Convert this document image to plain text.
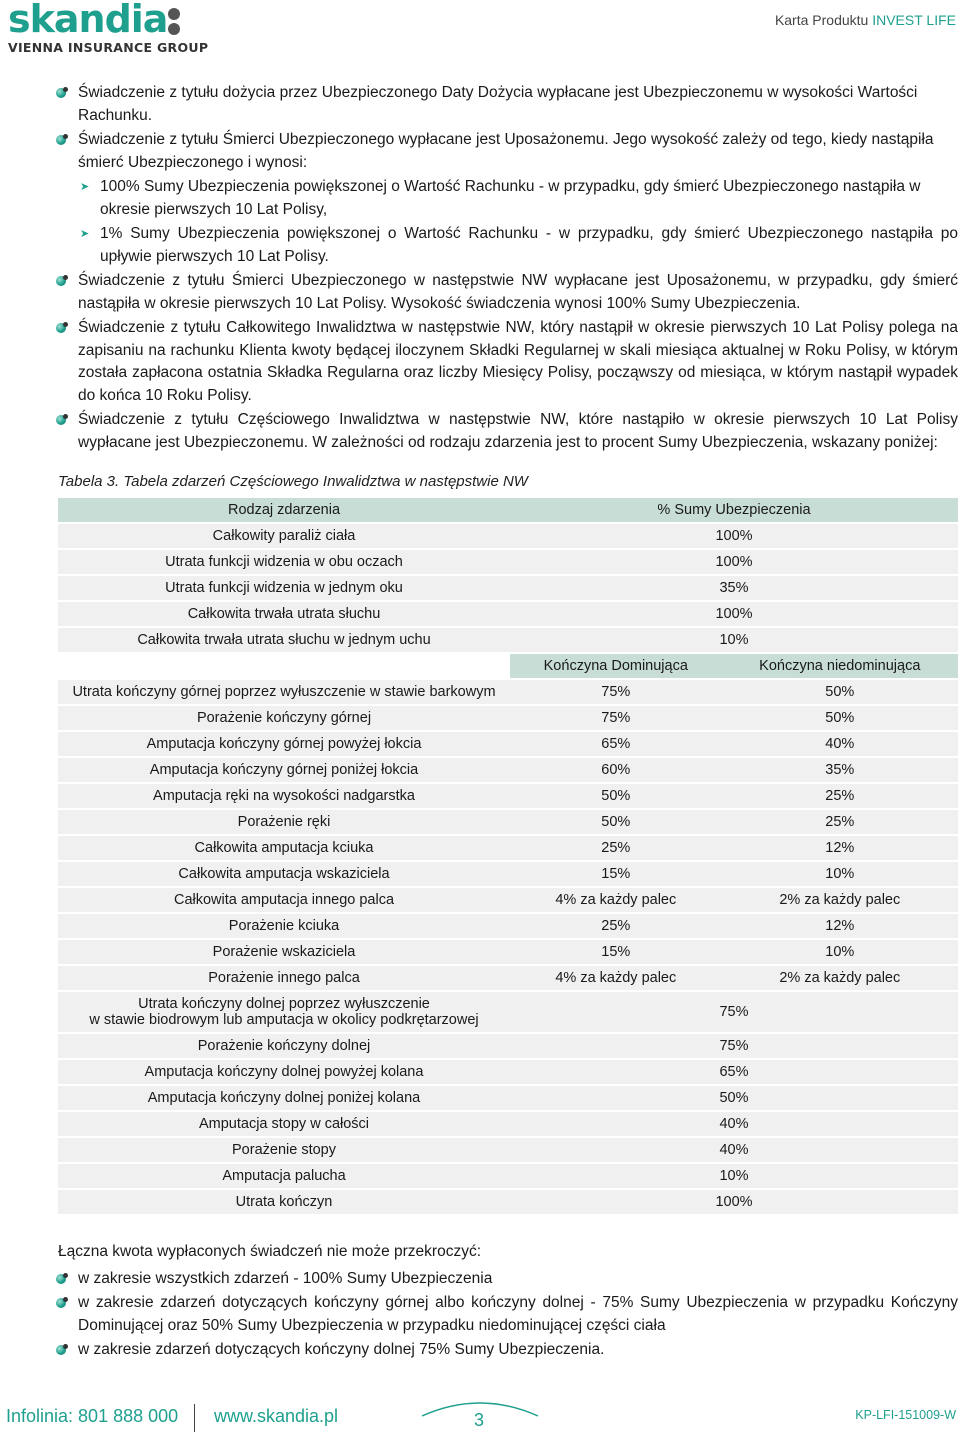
skandia
VIENNA INSURANCE GROUP
Karta Produktu INVEST LIFE
Świadczenie z tytułu dożycia przez Ubezpieczonego Daty Dożycia wypłacane jest Ubezpieczonemu w wysokości Wartości Rachunku.
Świadczenie z tytułu Śmierci Ubezpieczonego wypłacane jest Uposażonemu. Jego wysokość zależy od tego, kiedy nastąpiła śmierć Ubezpieczonego i wynosi:
➤ 100% Sumy Ubezpieczenia powiększonej o Wartość Rachunku - w przypadku, gdy śmierć Ubezpieczonego nastąpiła w okresie pierwszych 10 Lat Polisy,
➤ 1% Sumy Ubezpieczenia powiększonej o Wartość Rachunku - w przypadku, gdy śmierć Ubezpieczonego nastąpiła po upływie pierwszych 10 Lat Polisy.
Świadczenie z tytułu Śmierci Ubezpieczonego w następstwie NW wypłacane jest Uposażonemu, w przypadku, gdy śmierć nastąpiła w okresie pierwszych 10 Lat Polisy. Wysokość świadczenia wynosi 100% Sumy Ubezpieczenia.
Świadczenie z tytułu Całkowitego Inwalidztwa w następstwie NW, który nastąpił w okresie pierwszych 10 Lat Polisy polega na zapisaniu na rachunku Klienta kwoty będącej iloczynem Składki Regularnej w skali miesiąca aktualnej w Roku Polisy, w którym została zapłacona ostatnia Składka Regularna oraz liczby Miesięcy Polisy, począwszy od miesiąca, w którym nastąpił wypadek do końca 10 Roku Polisy.
Świadczenie z tytułu Częściowego Inwalidztwa w następstwie NW, które nastąpiło w okresie pierwszych 10 Lat Polisy wypłacane jest Ubezpieczonemu. W zależności od rodzaju zdarzenia jest to procent Sumy Ubezpieczenia, wskazany poniżej:
Tabela 3. Tabela zdarzeń Częściowego Inwalidztwa w następstwie NW
Rodzaj zdarzenia	% Sumy Ubezpieczenia	
Całkowity paraliż ciała	100%	
Utrata funkcji widzenia w obu oczach	100%	
Utrata funkcji widzenia w jednym oku	35%	
Całkowita trwała utrata słuchu	100%	
Całkowita trwała utrata słuchu w jednym uchu	10%	
	Kończyna Dominująca	Kończyna niedominująca
Utrata kończyny górnej poprzez wyłuszczenie w stawie barkowym	75%	50%
Porażenie kończyny górnej	75%	50%
Amputacja kończyny górnej powyżej łokcia	65%	40%
Amputacja kończyny górnej poniżej łokcia	60%	35%
Amputacja ręki na wysokości nadgarstka	50%	25%
Porażenie ręki	50%	25%
Całkowita amputacja kciuka	25%	12%
Całkowita amputacja wskaziciela	15%	10%
Całkowita amputacja innego palca	4% za każdy palec	2% za każdy palec
Porażenie kciuka	25%	12%
Porażenie wskaziciela	15%	10%
Porażenie innego palca	4% za każdy palec	2% za każdy palec

Utrata kończyny dolnej poprzez wyłuszczenie
w stawie biodrowym lub amputacja w okolicy podkrętarzowej	75%	
Porażenie kończyny dolnej	75%	
Amputacja kończyny dolnej powyżej kolana	65%	
Amputacja kończyny dolnej poniżej kolana	50%	
Amputacja stopy w całości	40%	
Porażenie stopy	40%	
Amputacja palucha	10%	
Utrata kończyn	100%	
Łączna kwota wypłaconych świadczeń nie może przekroczyć:
w zakresie wszystkich zdarzeń - 100% Sumy Ubezpieczenia
w zakresie zdarzeń dotyczących kończyny górnej albo kończyny dolnej - 75% Sumy Ubezpieczenia w przypadku Kończyny Dominującej oraz 50% Sumy Ubezpieczenia w przypadku niedominującej części ciała
w zakresie zdarzeń dotyczących kończyny dolnej 75% Sumy Ubezpieczenia.
Infolinia: 801 888 000 www.skandia.pl	3	KP-LFI-151009-W
